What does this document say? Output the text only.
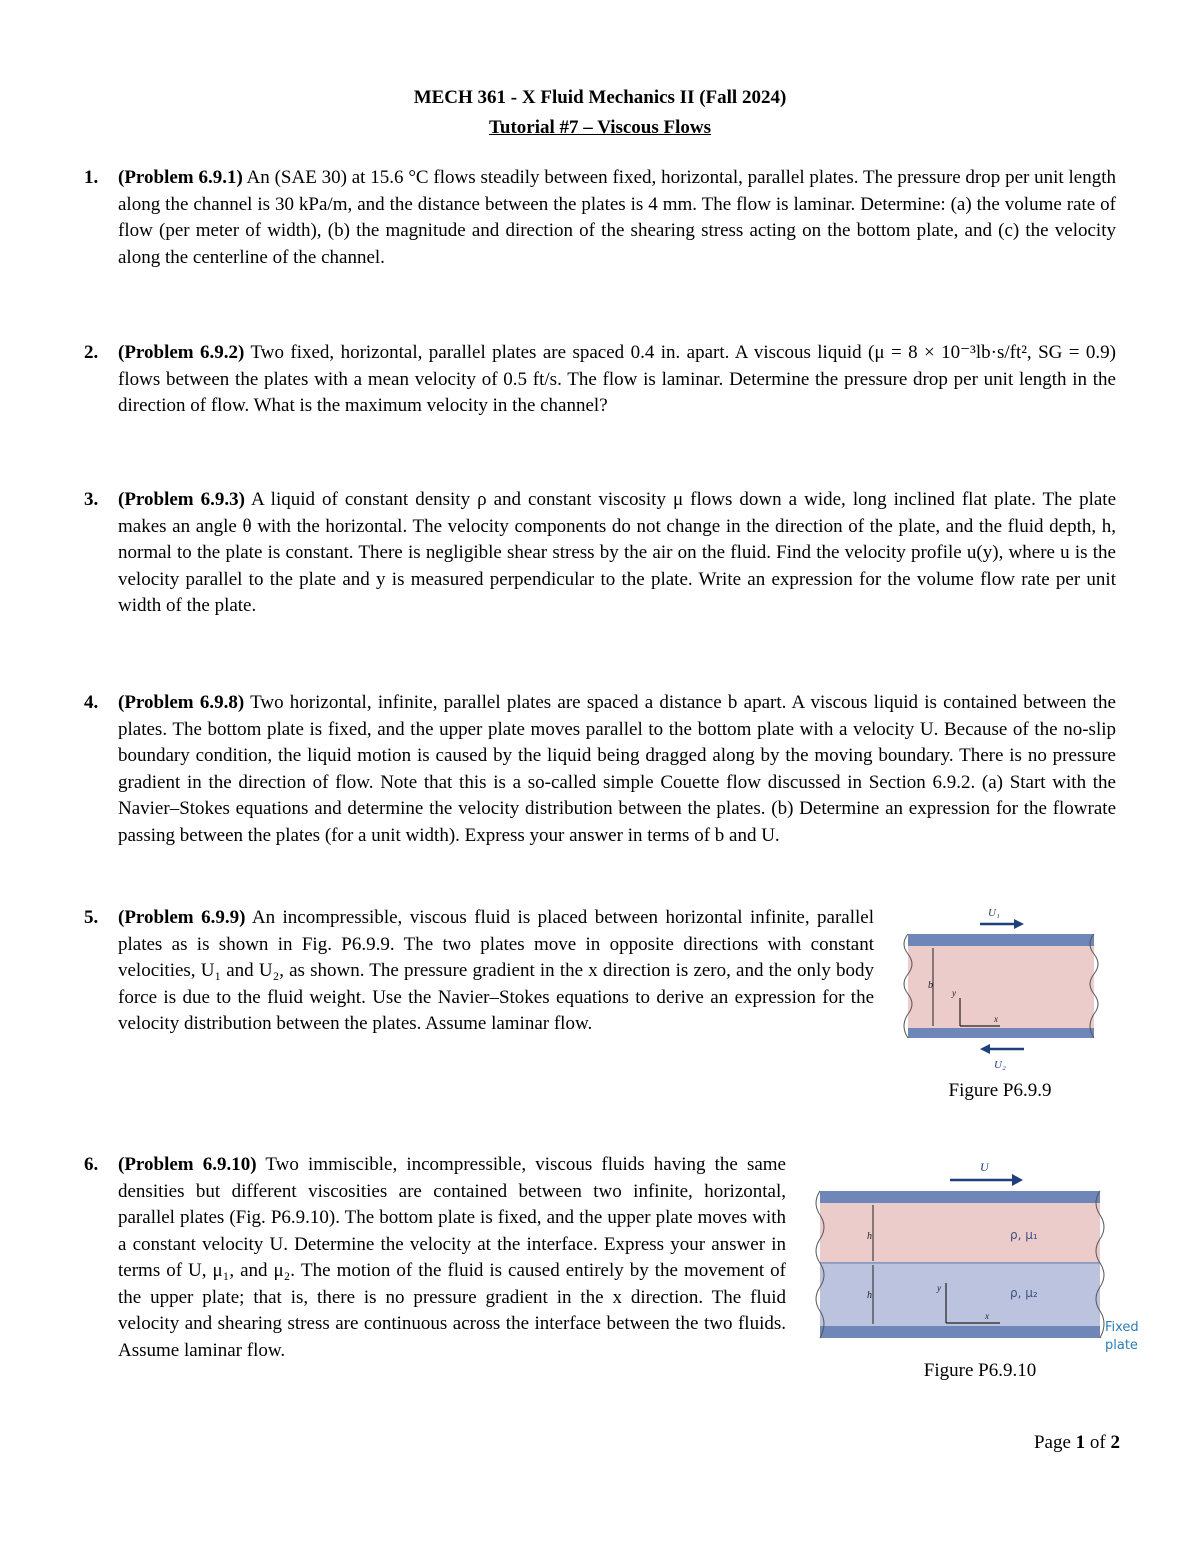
MECH 361 - X Fluid Mechanics II (Fall 2024)
Tutorial #7 – Viscous Flows
1. (Problem 6.9.1) An (SAE 30) at 15.6 °C flows steadily between fixed, horizontal, parallel plates. The pressure drop per unit length along the channel is 30 kPa/m, and the distance between the plates is 4 mm. The flow is laminar. Determine: (a) the volume rate of flow (per meter of width), (b) the magnitude and direction of the shearing stress acting on the bottom plate, and (c) the velocity along the centerline of the channel.
2. (Problem 6.9.2) Two fixed, horizontal, parallel plates are spaced 0.4 in. apart. A viscous liquid (μ = 8 × 10⁻³lb·s/ft², SG = 0.9) flows between the plates with a mean velocity of 0.5 ft/s. The flow is laminar. Determine the pressure drop per unit length in the direction of flow. What is the maximum velocity in the channel?
3. (Problem 6.9.3) A liquid of constant density ρ and constant viscosity μ flows down a wide, long inclined flat plate. The plate makes an angle θ with the horizontal. The velocity components do not change in the direction of the plate, and the fluid depth, h, normal to the plate is constant. There is negligible shear stress by the air on the fluid. Find the velocity profile u(y), where u is the velocity parallel to the plate and y is measured perpendicular to the plate. Write an expression for the volume flow rate per unit width of the plate.
4. (Problem 6.9.8) Two horizontal, infinite, parallel plates are spaced a distance b apart. A viscous liquid is contained between the plates. The bottom plate is fixed, and the upper plate moves parallel to the bottom plate with a velocity U. Because of the no-slip boundary condition, the liquid motion is caused by the liquid being dragged along by the moving boundary. There is no pressure gradient in the direction of flow. Note that this is a so-called simple Couette flow discussed in Section 6.9.2. (a) Start with the Navier–Stokes equations and determine the velocity distribution between the plates. (b) Determine an expression for the flowrate passing between the plates (for a unit width). Express your answer in terms of b and U.
5. (Problem 6.9.9) An incompressible, viscous fluid is placed between horizontal infinite, parallel plates as is shown in Fig. P6.9.9. The two plates move in opposite directions with constant velocities, U₁ and U₂, as shown. The pressure gradient in the x direction is zero, and the only body force is due to the fluid weight. Use the Navier–Stokes equations to derive an expression for the velocity distribution between the plates. Assume laminar flow.
U₁
b
y
x
U₂
Figure P6.9.9
6. (Problem 6.9.10) Two immiscible, incompressible, viscous fluids having the same densities but different viscosities are contained between two infinite, horizontal, parallel plates (Fig. P6.9.10). The bottom plate is fixed, and the upper plate moves with a constant velocity U. Determine the velocity at the interface. Express your answer in terms of U, μ₁, and μ₂. The motion of the fluid is caused entirely by the movement of the upper plate; that is, there is no pressure gradient in the x direction. The fluid velocity and shearing stress are continuous across the interface between the two fluids. Assume laminar flow.
U
h
h
ρ, μ₁
ρ, μ₂
y
x
Fixed
plate
Figure P6.9.10
Page 1 of 2
